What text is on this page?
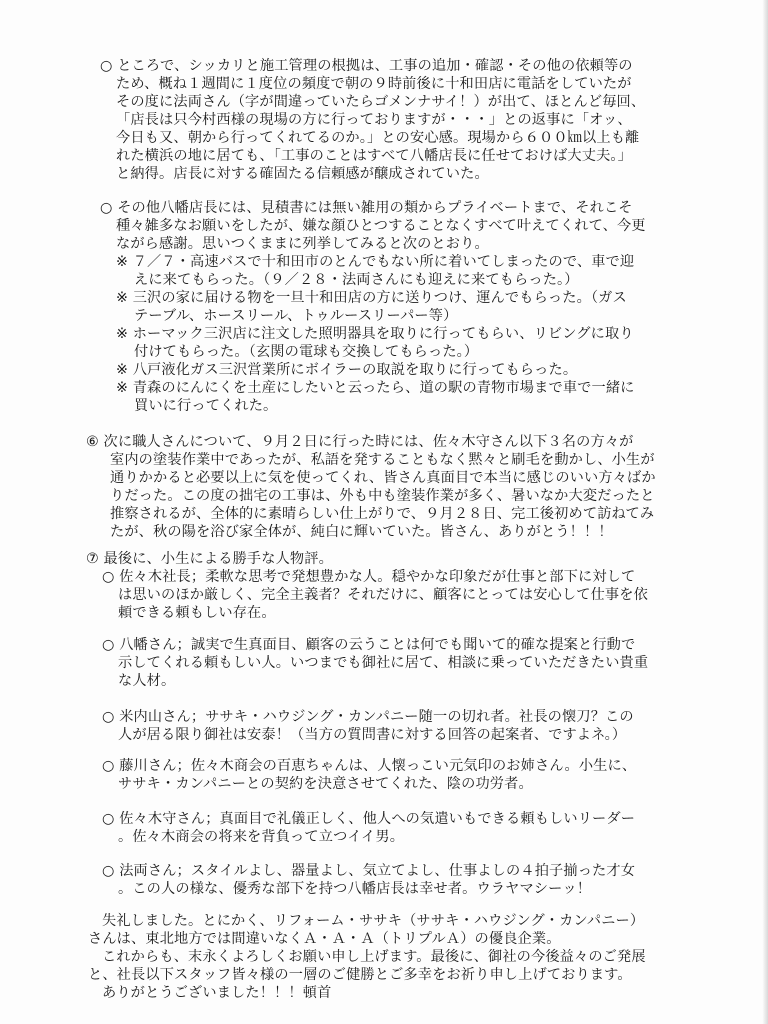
○ ところで、シッカリと施工管理の根拠は、工事の追加・確認・その他の依頼等の
ため、概ね１週間に１度位の頻度で朝の９時前後に十和田店に電話をしていたが
その度に法両さん（字が間違っていたらゴメンナサイ！）が出て、ほとんど毎回、
「店長は只今村西様の現場の方に行っておりますが・・・」との返事に「オッ、
今日も又、朝から行ってくれてるのか。」との安心感。現場から６００㎞以上も離
れた横浜の地に居ても、「工事のことはすべて八幡店長に任せておけば大丈夫。」
と納得。店長に対する確固たる信頼感が醸成されていた。
○ その他八幡店長には、見積書には無い雑用の類からプライベートまで、それこそ
種々雑多なお願いをしたが、嫌な顔ひとつすることなくすべて叶えてくれて、今更
ながら感謝。思いつくままに列挙してみると次のとおり。
※ ７／７・高速バスで十和田市のとんでもない所に着いてしまったので、車で迎
えに来てもらった。（９／２８・法両さんにも迎えに来てもらった。）
※ 三沢の家に届ける物を一旦十和田店の方に送りつけ、運んでもらった。（ガス
テーブル、ホースリール、トゥルースリーパー等）
※ ホーマック三沢店に注文した照明器具を取りに行ってもらい、リビングに取り
付けてもらった。（玄関の電球も交換してもらった。）
※ 八戸液化ガス三沢営業所にボイラーの取説を取りに行ってもらった。
※ 青森のにんにくを土産にしたいと云ったら、道の駅の青物市場まで車で一緒に
買いに行ってくれた。
⑥ 次に職人さんについて、９月２日に行った時には、佐々木守さん以下３名の方々が
室内の塗装作業中であったが、私語を発することもなく黙々と刷毛を動かし、小生が
通りかかると必要以上に気を使ってくれ、皆さん真面目で本当に感じのいい方々ばか
りだった。この度の拙宅の工事は、外も中も塗装作業が多く、暑いなか大変だったと
推察されるが、全体的に素晴らしい仕上がりで、９月２８日、完工後初めて訪ねてみ
たが、秋の陽を浴び家全体が、純白に輝いていた。皆さん、ありがとう！！！
⑦ 最後に、小生による勝手な人物評。
○ 佐々木社長；柔軟な思考で発想豊かな人。穏やかな印象だが仕事と部下に対して
は思いのほか厳しく、完全主義者？それだけに、顧客にとっては安心して仕事を依
頼できる頼もしい存在。
○ 八幡さん；誠実で生真面目、顧客の云うことは何でも聞いて的確な提案と行動で
示してくれる頼もしい人。いつまでも御社に居て、相談に乗っていただきたい貴重
な人材。
○ 米内山さん；ササキ・ハウジング・カンパニー随一の切れ者。社長の懐刀？この
人が居る限り御社は安泰！（当方の質問書に対する回答の起案者、ですよネ。）
○ 藤川さん；佐々木商会の百恵ちゃんは、人懐っこい元気印のお姉さん。小生に、
ササキ・カンパニーとの契約を決意させてくれた、陰の功労者。
○ 佐々木守さん；真面目で礼儀正しく、他人への気遣いもできる頼もしいリーダー
。佐々木商会の将来を背負って立つイイ男。
○ 法両さん；スタイルよし、器量よし、気立てよし、仕事よしの４拍子揃った才女
。この人の様な、優秀な部下を持つ八幡店長は幸せ者。ウラヤマシーッ！
失礼しました。とにかく、リフォーム・ササキ（ササキ・ハウジング・カンパニー）
さんは、東北地方では間違いなくＡ・Ａ・Ａ（トリプルＡ）の優良企業。
これからも、末永くよろしくお願い申し上げます。最後に、御社の今後益々のご発展
と、社長以下スタッフ皆々様の一層のご健勝とご多幸をお祈り申し上げております。
ありがとうございました！！！頓首
